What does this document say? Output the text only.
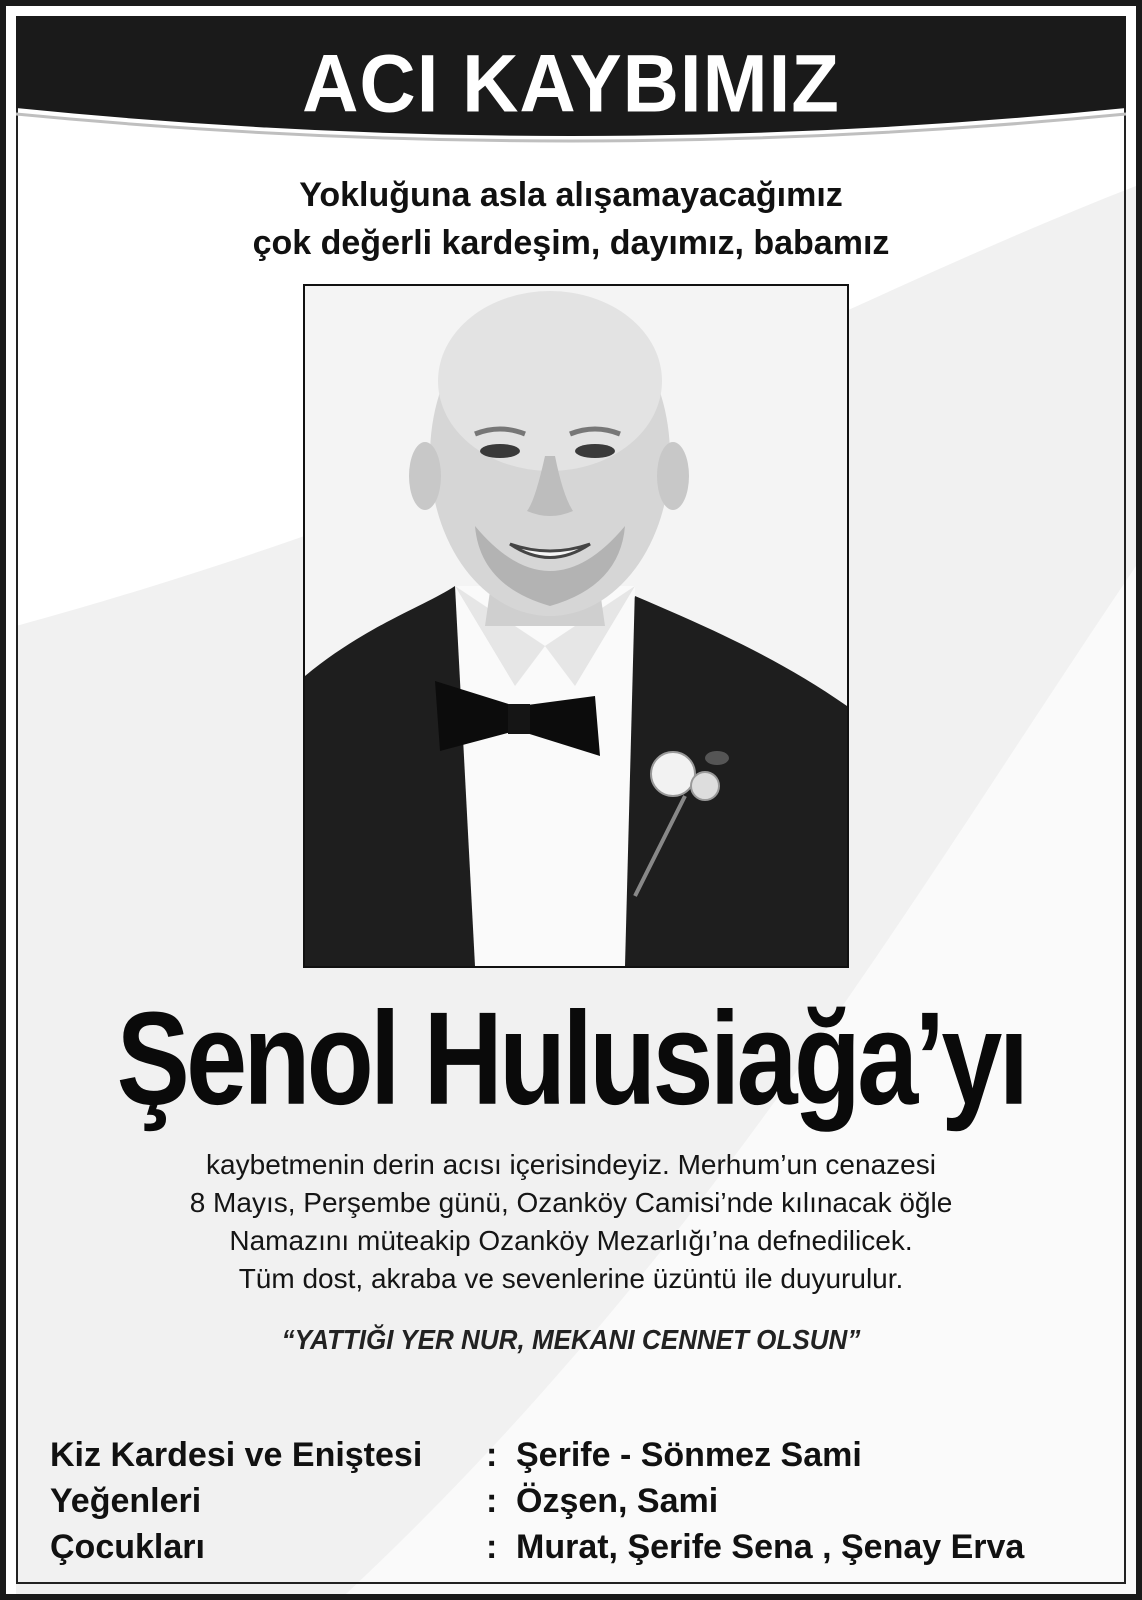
ACI KAYBIMIZ
Yokluğuna asla alışamayacağımız
çok değerli kardeşim, dayımız, babamız
Şenol Hulusiağa’yı
kaybetmenin derin acısı içerisindeyiz. Merhum’un cenazesi
8 Mayıs, Perşembe günü, Ozanköy Camisi’nde kılınacak öğle
Namazını müteakip Ozanköy Mezarlığı’na defnedilicek.
Tüm dost, akraba ve sevenlerine üzüntü ile duyurulur.
“YATTIĞI YER NUR, MEKANI CENNET OLSUN”
Kiz Kardesi ve Eniştesi : Şerife - Sönmez Sami
Yeğenleri	: Özşen, Sami
Çocukları	: Murat, Şerife Sena , Şenay Erva
